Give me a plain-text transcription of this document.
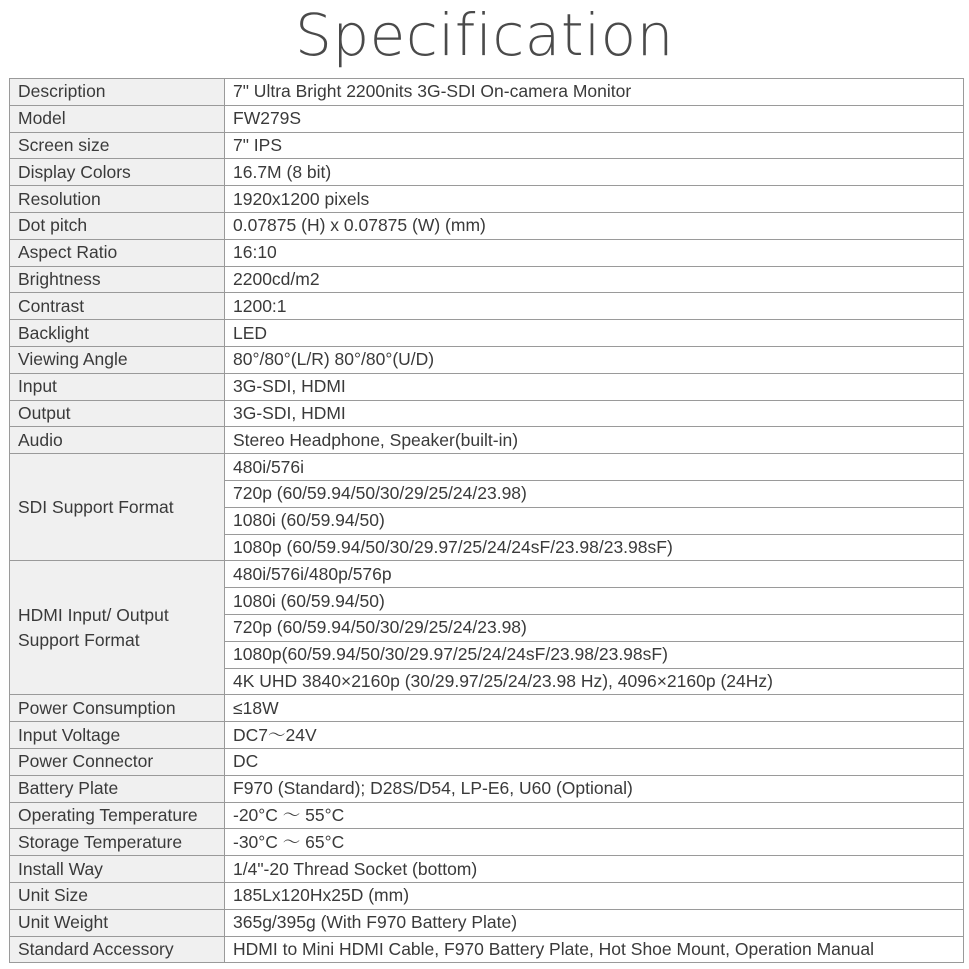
Specification
Description	7" Ultra Bright 2200nits 3G-SDI On-camera Monitor
Model	FW279S
Screen size	7" IPS
Display Colors	16.7M (8 bit)
Resolution	1920x1200 pixels
Dot pitch	0.07875 (H) x 0.07875 (W) (mm)
Aspect Ratio	16:10
Brightness	2200cd/m2
Contrast	1200:1
Backlight	LED
Viewing Angle	80°/80°(L/R) 80°/80°(U/D)
Input	3G-SDI, HDMI
Output	3G-SDI, HDMI
Audio	Stereo Headphone, Speaker(built-in)
SDI Support Format	480i/576i
	720p (60/59.94/50/30/29/25/24/23.98)
	1080i (60/59.94/50)
	1080p (60/59.94/50/30/29.97/25/24/24sF/23.98/23.98sF)

HDMI Input/ Output
Support Format	480i/576i/480p/576p
	1080i (60/59.94/50)
	720p (60/59.94/50/30/29/25/24/23.98)
	1080p(60/59.94/50/30/29.97/25/24/24sF/23.98/23.98sF)
	4K UHD 3840×2160p (30/29.97/25/24/23.98 Hz), 4096×2160p (24Hz)
Power Consumption	≤18W
Input Voltage	DC7～24V
Power Connector	DC
Battery Plate	F970 (Standard); D28S/D54, LP-E6, U60 (Optional)
Operating Temperature	-20°C ～ 55°C
Storage Temperature	-30°C ～ 65°C
Install Way	1/4"-20 Thread Socket (bottom)
Unit Size	185Lx120Hx25D (mm)
Unit Weight	365g/395g (With F970 Battery Plate)
Standard Accessory	HDMI to Mini HDMI Cable, F970 Battery Plate, Hot Shoe Mount, Operation Manual
